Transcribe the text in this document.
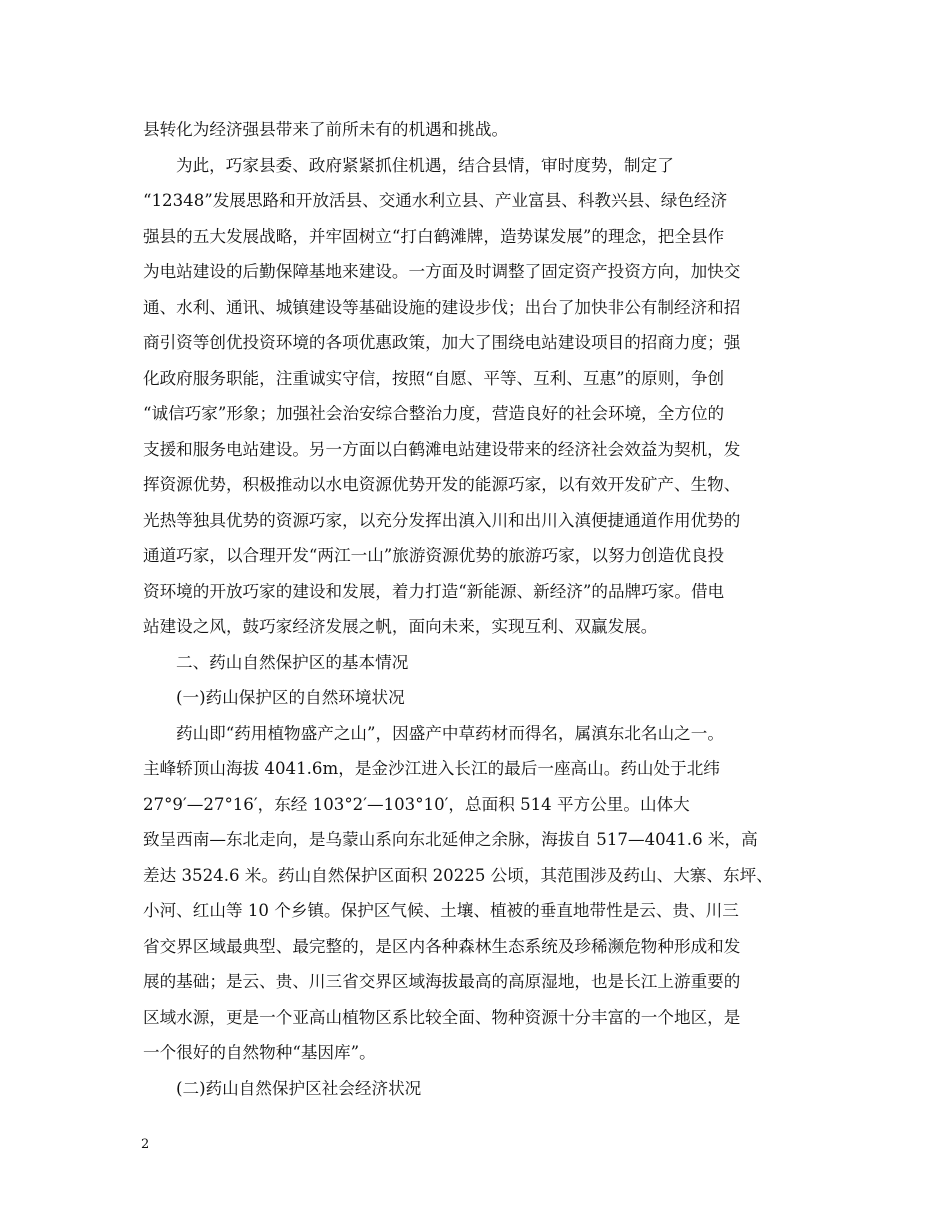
县转化为经济强县带来了前所未有的机遇和挑战。
为此，巧家县委、政府紧紧抓住机遇，结合县情，审时度势，制定了
“12348”发展思路和开放活县、交通水利立县、产业富县、科教兴县、绿色经济
强县的五大发展战略，并牢固树立“打白鹤滩牌，造势谋发展”的理念，把全县作
为电站建设的后勤保障基地来建设。一方面及时调整了固定资产投资方向，加快交
通、水利、通讯、城镇建设等基础设施的建设步伐；出台了加快非公有制经济和招
商引资等创优投资环境的各项优惠政策，加大了围绕电站建设项目的招商力度；强
化政府服务职能，注重诚实守信，按照“自愿、平等、互利、互惠”的原则，争创
“诚信巧家”形象；加强社会治安综合整治力度，营造良好的社会环境，全方位的
支援和服务电站建设。另一方面以白鹤滩电站建设带来的经济社会效益为契机，发
挥资源优势，积极推动以水电资源优势开发的能源巧家，以有效开发矿产、生物、
光热等独具优势的资源巧家，以充分发挥出滇入川和出川入滇便捷通道作用优势的
通道巧家，以合理开发“两江一山”旅游资源优势的旅游巧家，以努力创造优良投
资环境的开放巧家的建设和发展，着力打造“新能源、新经济”的品牌巧家。借电
站建设之风，鼓巧家经济发展之帆，面向未来，实现互利、双赢发展。
二、药山自然保护区的基本情况
(一)药山保护区的自然环境状况
药山即“药用植物盛产之山”，因盛产中草药材而得名，属滇东北名山之一。
主峰轿顶山海拔 4041.6m，是金沙江进入长江的最后一座高山。药山处于北纬
27°9′—27°16′，东经 103°2′—103°10′，总面积 514 平方公里。山体大
致呈西南—东北走向，是乌蒙山系向东北延伸之余脉，海拔自 517—4041.6 米，高
差达 3524.6 米。药山自然保护区面积 20225 公顷，其范围涉及药山、大寨、东坪、
小河、红山等 10 个乡镇。保护区气候、土壤、植被的垂直地带性是云、贵、川三
省交界区域最典型、最完整的，是区内各种森林生态系统及珍稀濒危物种形成和发
展的基础；是云、贵、川三省交界区域海拔最高的高原湿地，也是长江上游重要的
区域水源，更是一个亚高山植物区系比较全面、物种资源十分丰富的一个地区，是
一个很好的自然物种“基因库”。
(二)药山自然保护区社会经济状况
2
